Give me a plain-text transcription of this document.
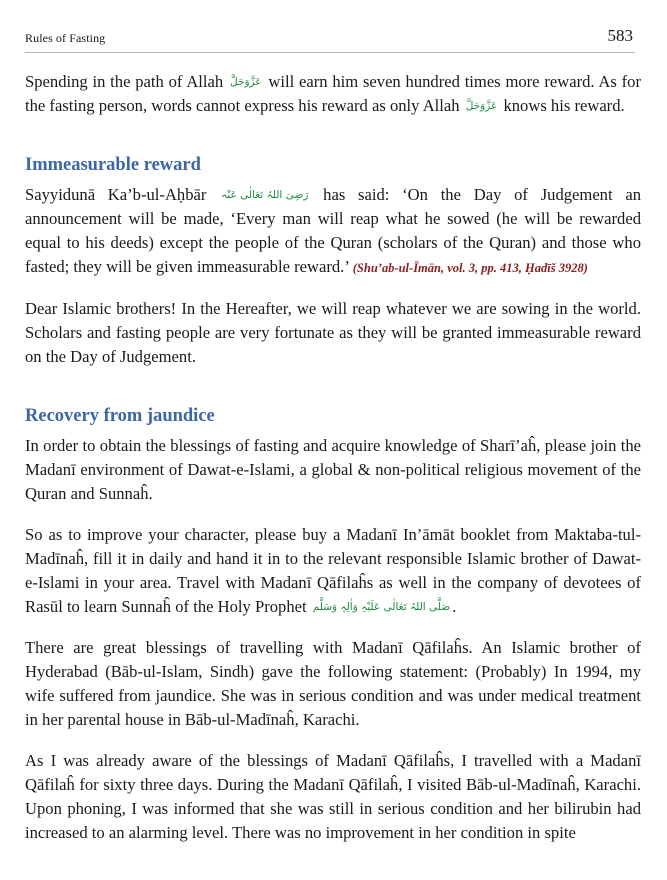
Rules of Fasting	583

Spending in the path of Allah عَزَّوَجَلَّ will earn him seven hundred times more reward. As for the fasting person, words cannot express his reward as only Allah عَزَّوَجَلَّ knows his reward.

Immeasurable reward

Sayyidunā Ka’b-ul-Aḥbār رَضِیَ اللہُ تَعَالٰی عَنْہ has said: ‘On the Day of Judgement an announcement will be made, ‘Every man will reap what he sowed (he will be rewarded equal to his deeds) except the people of the Quran (scholars of the Quran) and those who fasted; they will be given immeasurable reward.’ (Shu’ab-ul-Īmān, vol. 3, pp. 413, Ḥadīš 3928)

Dear Islamic brothers! In the Hereafter, we will reap whatever we are sowing in the world. Scholars and fasting people are very fortunate as they will be granted immeasurable reward on the Day of Judgement.

Recovery from jaundice

In order to obtain the blessings of fasting and acquire knowledge of Sharī’aĥ, please join the Madanī environment of Dawat-e-Islami, a global & non-political religious movement of the Quran and Sunnaĥ.

So as to improve your character, please buy a Madanī In’āmāt booklet from Maktaba-tul-Madīnaĥ, fill it in daily and hand it in to the relevant responsible Islamic brother of Dawat-e-Islami in your area. Travel with Madanī Qāfilaĥs as well in the company of devotees of Rasūl to learn Sunnaĥ of the Holy Prophet صَلَّی اللہُ تَعَالٰی عَلَیْہِ وَاٰلِہٖ وَسَلَّم .

There are great blessings of travelling with Madanī Qāfilaĥs. An Islamic brother of Hyderabad (Bāb-ul-Islam, Sindh) gave the following statement: (Probably) In 1994, my wife suffered from jaundice. She was in serious condition and was under medical treatment in her parental house in Bāb-ul-Madīnaĥ, Karachi.

As I was already aware of the blessings of Madanī Qāfilaĥs, I travelled with a Madanī Qāfilaĥ for sixty three days. During the Madanī Qāfilaĥ, I visited Bāb-ul-Madīnaĥ, Karachi. Upon phoning, I was informed that she was still in serious condition and her bilirubin had increased to an alarming level. There was no improvement in her condition in spite
